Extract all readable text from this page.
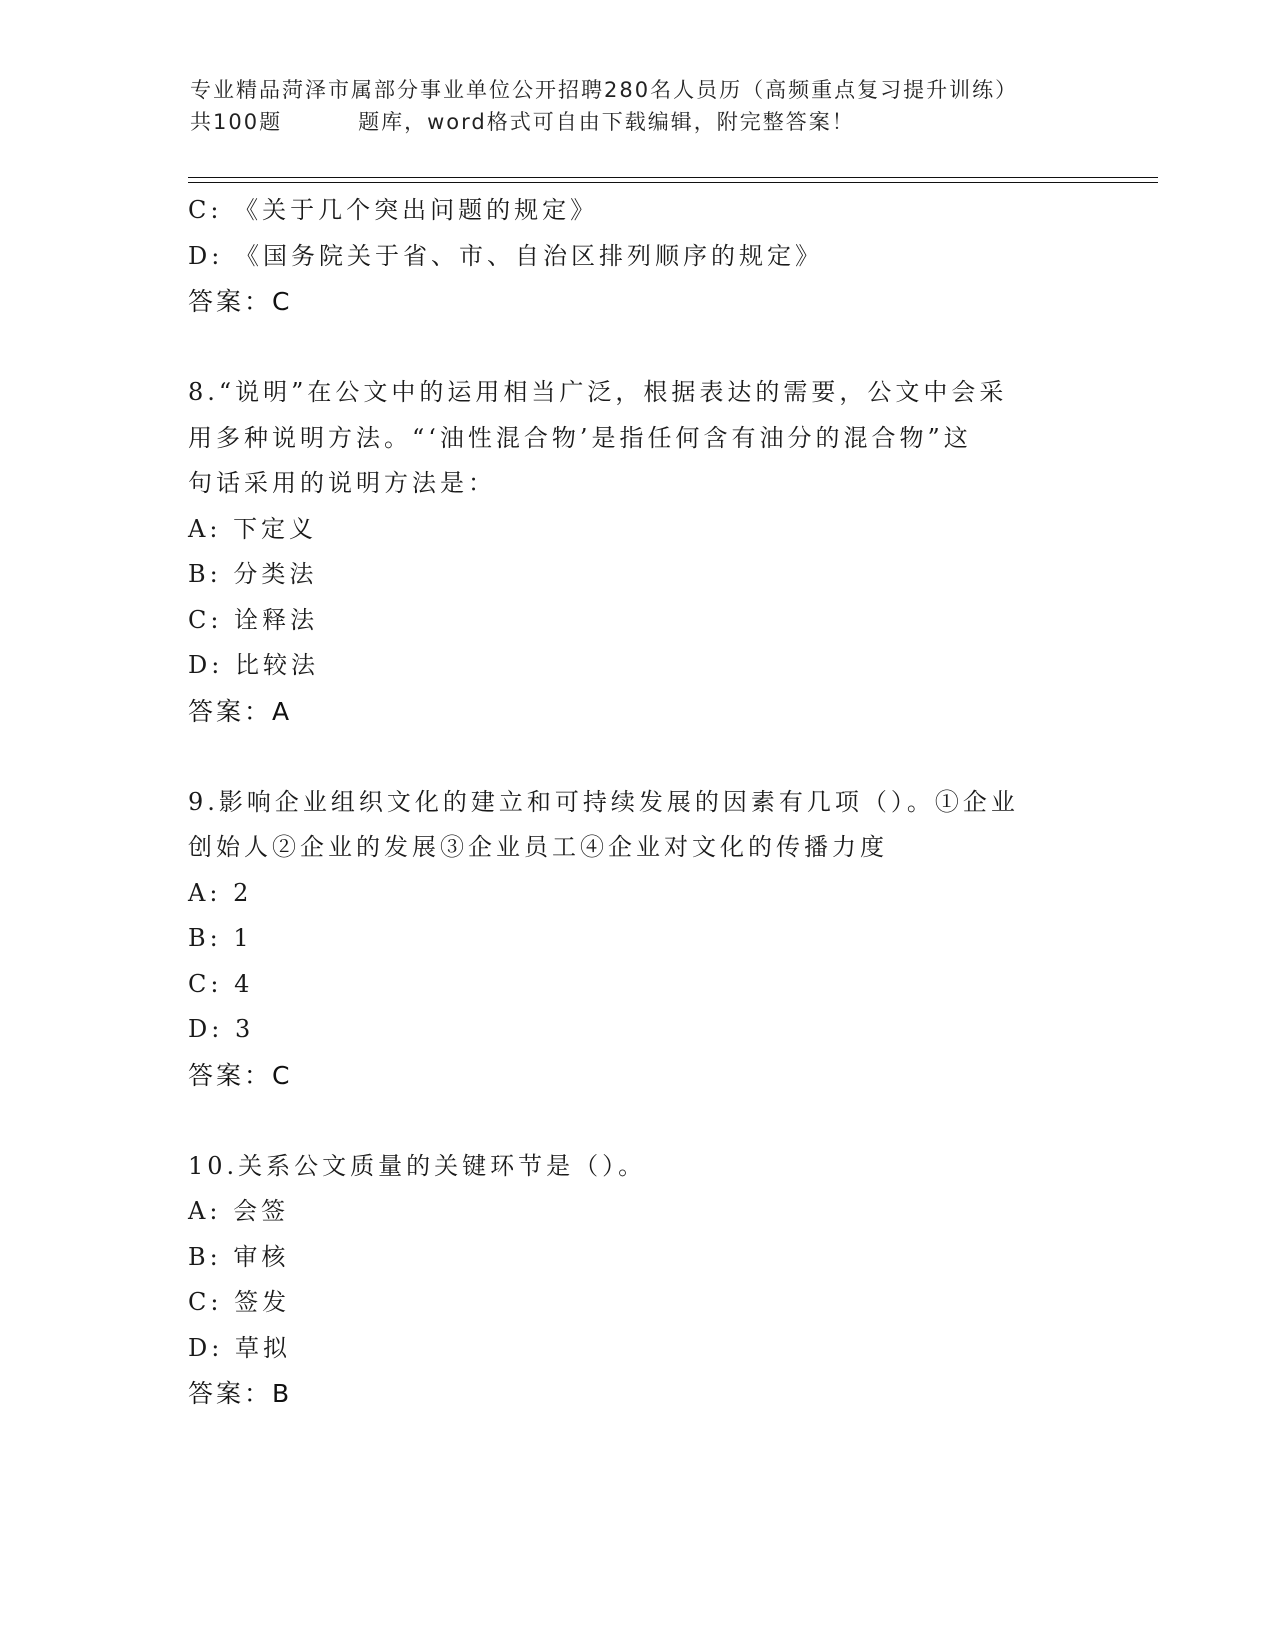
专业精品菏泽市属部分事业单位公开招聘280名人员历（高频重点复习提升训练）
共100题	题库，word格式可自由下载编辑，附完整答案！
C: 《关于几个突出问题的规定》
D: 《国务院关于省、市、自治区排列顺序的规定》
答案：C
8.“说明”在公文中的运用相当广泛，根据表达的需要，公文中会采
用多种说明方法。“‘油性混合物’是指任何含有油分的混合物”这
句话采用的说明方法是：
A: 下定义
B: 分类法
C: 诠释法
D: 比较法
答案：A
9.影响企业组织文化的建立和可持续发展的因素有几项（）。①企业
创始人②企业的发展③企业员工④企业对文化的传播力度
A: 2
B: 1
C: 4
D: 3
答案：C
10.关系公文质量的关键环节是（）。
A: 会签
B: 审核
C: 签发
D: 草拟
答案：B
